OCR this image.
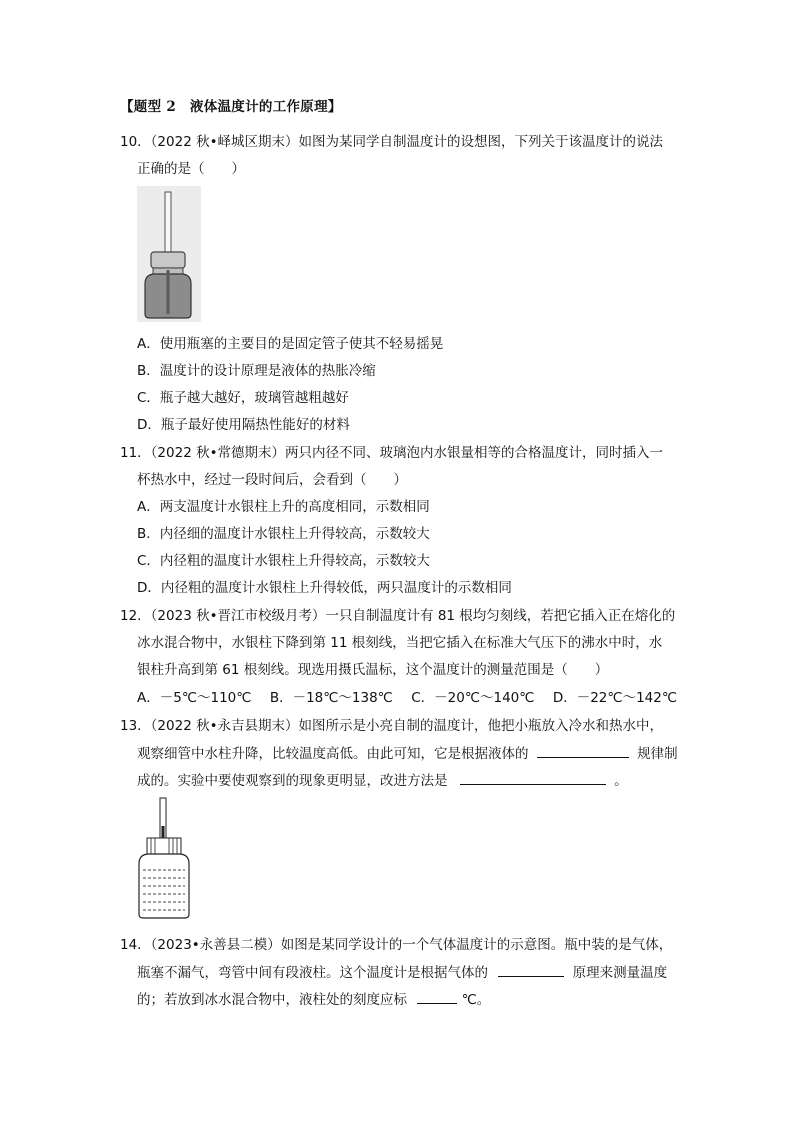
【题型 2　液体温度计的工作原理】
10．（2022 秋•峄城区期末）如图为某同学自制温度计的设想图，下列关于该温度计的说法
正确的是（　　）
A．使用瓶塞的主要目的是固定管子使其不轻易摇晃
B．温度计的设计原理是液体的热胀冷缩
C．瓶子越大越好，玻璃管越粗越好
D．瓶子最好使用隔热性能好的材料
11．（2022 秋•常德期末）两只内径不同、玻璃泡内水银量相等的合格温度计，同时插入一
杯热水中，经过一段时间后，会看到（　　）
A．两支温度计水银柱上升的高度相同，示数相同
B．内径细的温度计水银柱上升得较高，示数较大
C．内径粗的温度计水银柱上升得较高，示数较大
D．内径粗的温度计水银柱上升得较低，两只温度计的示数相同
12．（2023 秋•晋江市校级月考）一只自制温度计有 81 根均匀刻线，若把它插入正在熔化的
冰水混合物中，水银柱下降到第 11 根刻线，当把它插入在标准大气压下的沸水中时，水
银柱升高到第 61 根刻线。现选用摄氏温标，这个温度计的测量范围是（　　）
A．－5℃～110℃ B．－18℃～138℃ C．－20℃～140℃ D．－22℃～142℃
13．（2022 秋•永吉县期末）如图所示是小亮自制的温度计，他把小瓶放入冷水和热水中，
观察细管中水柱升降，比较温度高低。由此可知，它是根据液体的	规律制
成的。实验中要使观察到的现象更明显，改进方法是	。
14．（2023•永善县二模）如图是某同学设计的一个气体温度计的示意图。瓶中装的是气体，
瓶塞不漏气，弯管中间有段液柱。这个温度计是根据气体的	原理来测量温度
的；若放到冰水混合物中，液柱处的刻度应标	℃。
